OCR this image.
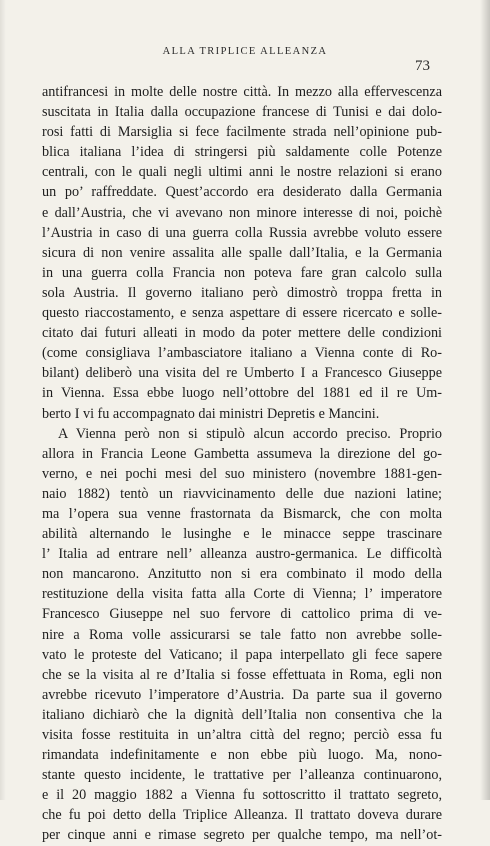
ALLA TRIPLICE ALLEANZA
73
antifrancesi in molte delle nostre città. In mezzo alla effervescenza
suscitata in Italia dalla occupazione francese di Tunisi e dai dolo-
rosi fatti di Marsiglia si fece facilmente strada nell’opinione pub-
blica italiana l’idea di stringersi più saldamente colle Potenze
centrali, con le quali negli ultimi anni le nostre relazioni si erano
un po’ raffreddate. Quest’accordo era desiderato dalla Germania
e dall’Austria, che vi avevano non minore interesse di noi, poichè
l’Austria in caso di una guerra colla Russia avrebbe voluto essere
sicura di non venire assalita alle spalle dall’Italia, e la Germania
in una guerra colla Francia non poteva fare gran calcolo sulla
sola Austria. Il governo italiano però dimostrò troppa fretta in
questo riaccostamento, e senza aspettare di essere ricercato e solle-
citato dai futuri alleati in modo da poter mettere delle condizioni
(come consigliava l’ambasciatore italiano a Vienna conte di Ro-
bilant) deliberò una visita del re Umberto I a Francesco Giuseppe
in Vienna. Essa ebbe luogo nell’ottobre del 1881 ed il re Um-
berto I vi fu accompagnato dai ministri Depretis e Mancini.
A Vienna però non si stipulò alcun accordo preciso. Proprio
allora in Francia Leone Gambetta assumeva la direzione del go-
verno, e nei pochi mesi del suo ministero (novembre 1881-gen-
naio 1882) tentò un riavvicinamento delle due nazioni latine;
ma l’opera sua venne frastornata da Bismarck, che con molta
abilità alternando le lusinghe e le minacce seppe trascinare
l’ Italia ad entrare nell’ alleanza austro-germanica. Le difficoltà
non mancarono. Anzitutto non si era combinato il modo della
restituzione della visita fatta alla Corte di Vienna; l’ imperatore
Francesco Giuseppe nel suo fervore di cattolico prima di ve-
nire a Roma volle assicurarsi se tale fatto non avrebbe solle-
vato le proteste del Vaticano; il papa interpellato gli fece sapere
che se la visita al re d’Italia si fosse effettuata in Roma, egli non
avrebbe ricevuto l’imperatore d’Austria. Da parte sua il governo
italiano dichiarò che la dignità dell’Italia non consentiva che la
visita fosse restituita in un’altra città del regno; perciò essa fu
rimandata indefinitamente e non ebbe più luogo. Ma, nono-
stante questo incidente, le trattative per l’alleanza continuarono,
e il 20 maggio 1882 a Vienna fu sottoscritto il trattato segreto,
che fu poi detto della Triplice Alleanza. Il trattato doveva durare
per cinque anni e rimase segreto per qualche tempo, ma nell’ot-
